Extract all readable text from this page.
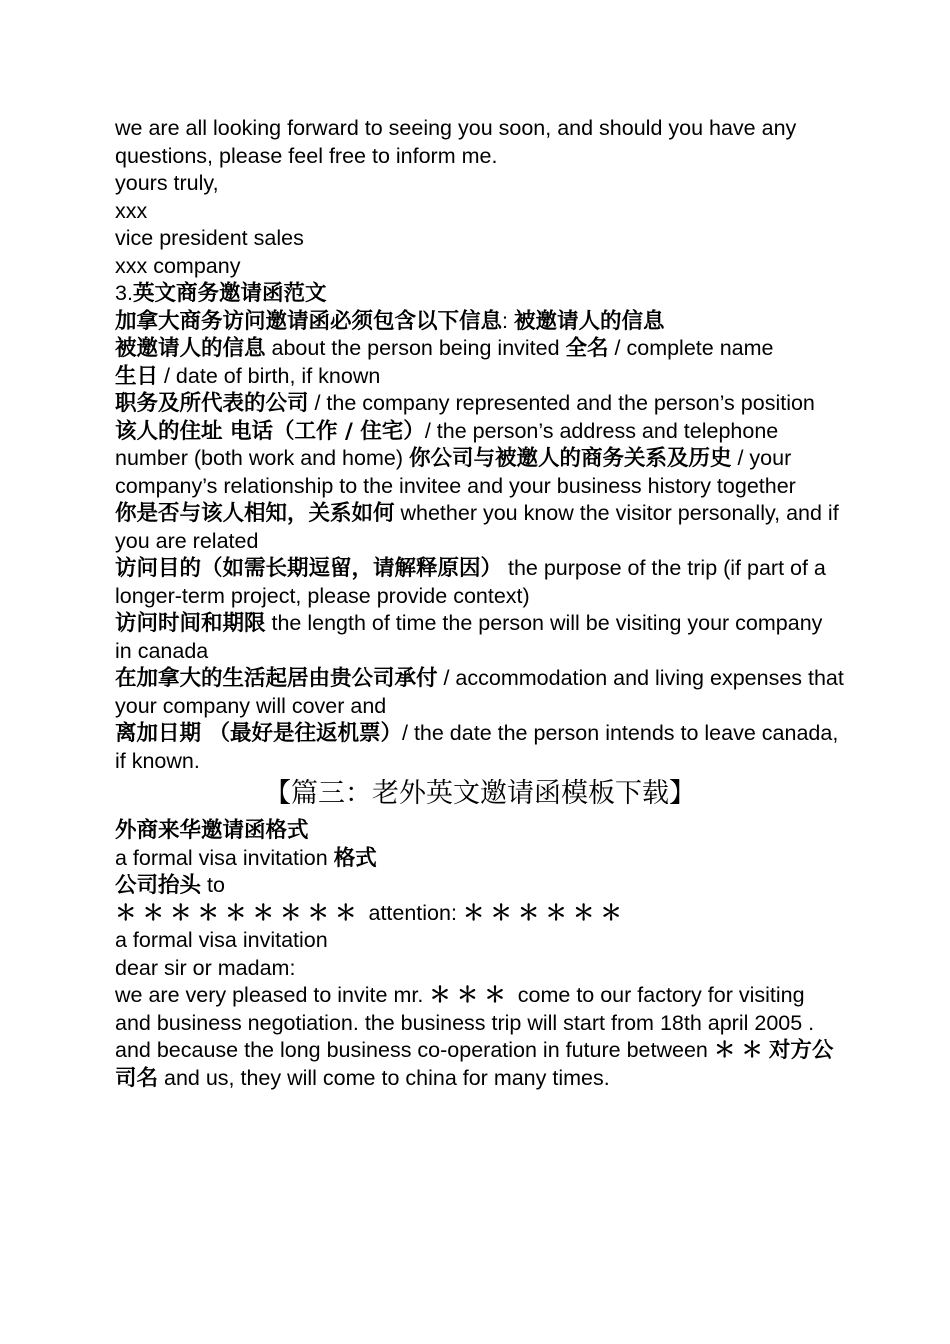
we are all looking forward to seeing you soon, and should you have any questions, please feel free to inform me.

yours truly,

xxx

vice president sales

xxx company

3.英文商务邀请函范文

加拿大商务访问邀请函必须包含以下信息: 被邀请人的信息

被邀请人的信息 about the person being invited 全名 / complete name

生日 / date of birth, if known

职务及所代表的公司 / the company represented and the person’s position

该人的住址 电话（工作 / 住宅）/ the person’s address and telephone number (both work and home) 你公司与被邀人的商务关系及历史 / your company’s relationship to the invitee and your business history together

你是否与该人相知，关系如何 whether you know the visitor personally, and if you are related

访问目的（如需长期逗留，请解释原因） the purpose of the trip (if part of a longer-term project, please provide context)

访问时间和期限 the length of time the person will be visiting your company in canada

在加拿大的生活起居由贵公司承付 / accommodation and living expenses that your company will cover and

离加日期 （最好是往返机票）/ the date the person intends to leave canada, if known.

【篇三：老外英文邀请函模板下载】

外商来华邀请函格式

a formal visa invitation 格式

公司抬头 to

＊＊＊＊＊＊＊＊＊ attention: ＊＊＊＊＊＊

a formal visa invitation

dear sir or madam:

we are very pleased to invite mr. ＊＊＊ come to our factory for visiting and business negotiation. the business trip will start from 18th april 2005 . and because the long business co-operation in future between ＊＊对方公司名 and us, they will come to china for many times.
